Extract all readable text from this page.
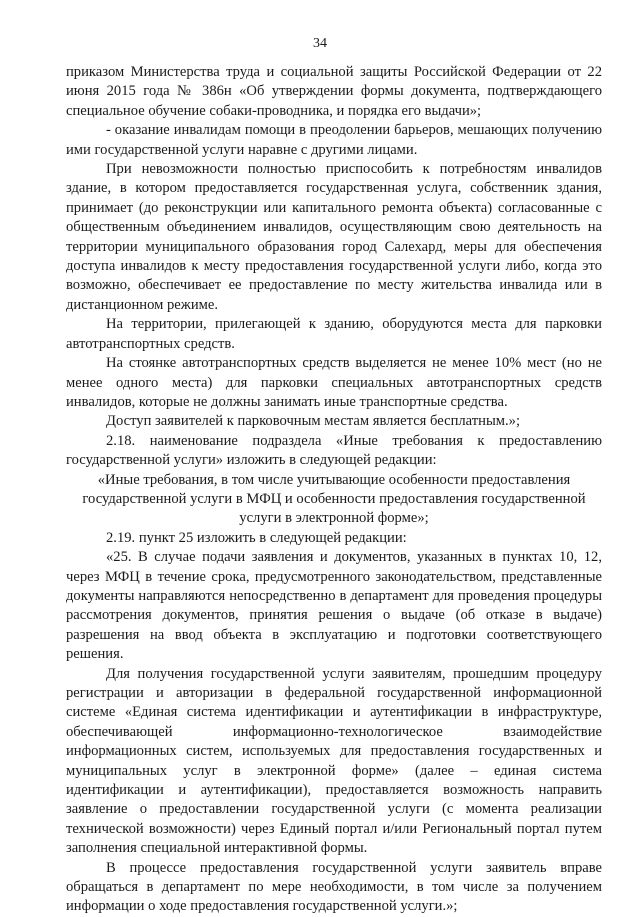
34

приказом Министерства труда и социальной защиты Российской Федерации от 22 июня 2015 года № 386н «Об утверждении формы документа, подтверждающего специальное обучение собаки-проводника, и порядка его выдачи»;

- оказание инвалидам помощи в преодолении барьеров, мешающих получению ими государственной услуги наравне с другими лицами.

При невозможности полностью приспособить к потребностям инвалидов здание, в котором предоставляется государственная услуга, собственник здания, принимает (до реконструкции или капитального ремонта объекта) согласованные с общественным объединением инвалидов, осуществляющим свою деятельность на территории муниципального образования город Салехард, меры для обеспечения доступа инвалидов к месту предоставления государственной услуги либо, когда это возможно, обеспечивает ее предоставление по месту жительства инвалида или в дистанционном режиме.

На территории, прилегающей к зданию, оборудуются места для парковки автотранспортных средств.

На стоянке автотранспортных средств выделяется не менее 10% мест (но не менее одного места) для парковки специальных автотранспортных средств инвалидов, которые не должны занимать иные транспортные средства.

Доступ заявителей к парковочным местам является бесплатным.»;

2.18. наименование подраздела «Иные требования к предоставлению государственной услуги» изложить в следующей редакции:

«Иные требования, в том числе учитывающие особенности предоставления государственной услуги в МФЦ и особенности предоставления государственной услуги в электронной форме»;

2.19. пункт 25 изложить в следующей редакции:

«25. В случае подачи заявления и документов, указанных в пунктах 10, 12, через МФЦ в течение срока, предусмотренного законодательством, представленные документы направляются непосредственно в департамент для проведения процедуры рассмотрения документов, принятия решения о выдаче (об отказе в выдаче) разрешения на ввод объекта в эксплуатацию и подготовки соответствующего решения.

Для получения государственной услуги заявителям, прошедшим процедуру регистрации и авторизации в федеральной государственной информационной системе «Единая система идентификации и аутентификации в инфраструктуре, обеспечивающей информационно-технологическое взаимодействие информационных систем, используемых для предоставления государственных и муниципальных услуг в электронной форме» (далее – единая система идентификации и аутентификации), предоставляется возможность направить заявление о предоставлении государственной услуги (с момента реализации технической возможности) через Единый портал и/или Региональный портал путем заполнения специальной интерактивной формы.

В процессе предоставления государственной услуги заявитель вправе обращаться в департамент по мере необходимости, в том числе за получением информации о ходе предоставления государственной услуги.»;
